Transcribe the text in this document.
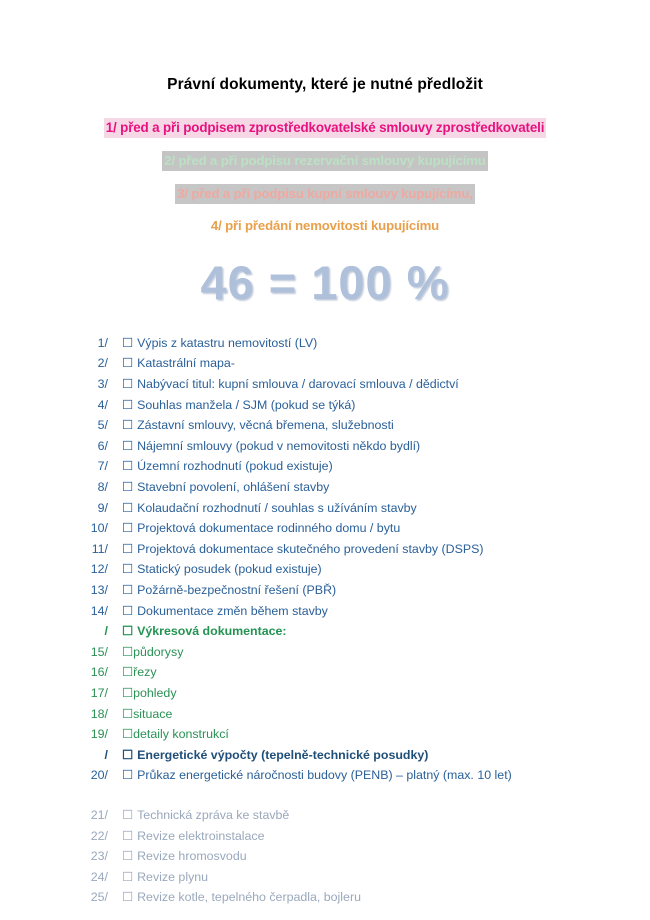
Právní dokumenty, které je nutné předložit
1/ před a při podpisem zprostředkovatelské smlouvy zprostředkovateli
2/ před a při podpisu rezervační smlouvy kupujícímu
3/ před a při podpisu kupní smlouvy kupujícímu,
4/ při předání nemovitosti kupujícímu
46 = 100 %
1/ ☐ Výpis z katastru nemovitostí (LV)
2/ ☐ Katastrální mapa-
3/ ☐ Nabývací titul: kupní smlouva / darovací smlouva / dědictví
4/ ☐ Souhlas manžela / SJM (pokud se týká)
5/ ☐ Zástavní smlouvy, věcná břemena, služebnosti
6/ ☐ Nájemní smlouvy (pokud v nemovitosti někdo bydlí)
7/ ☐ Územní rozhodnutí (pokud existuje)
8/ ☐ Stavební povolení, ohlášení stavby
9/ ☐ Kolaudační rozhodnutí / souhlas s užíváním stavby
10/ ☐ Projektová dokumentace rodinného domu / bytu
11/ ☐ Projektová dokumentace skutečného provedení stavby (DSPS)
12/ ☐ Statický posudek (pokud existuje)
13/ ☐ Požárně-bezpečnostní řešení (PBŘ)
14/ ☐ Dokumentace změn během stavby
/ ☐ Výkresová dokumentace:
15/ ☐půdorysy
16/ ☐řezy
17/ ☐pohledy
18/ ☐situace
19/ ☐detaily konstrukcí
/ ☐ Energetické výpočty (tepelně-technické posudky)
20/ ☐ Průkaz energetické náročnosti budovy (PENB) – platný (max. 10 let)
21/ ☐ Technická zpráva ke stavbě
22/ ☐ Revize elektroinstalace
23/ ☐ Revize hromosvodu
24/ ☐ Revize plynu
25/ ☐ Revize kotle, tepelného čerpadla, bojleru
